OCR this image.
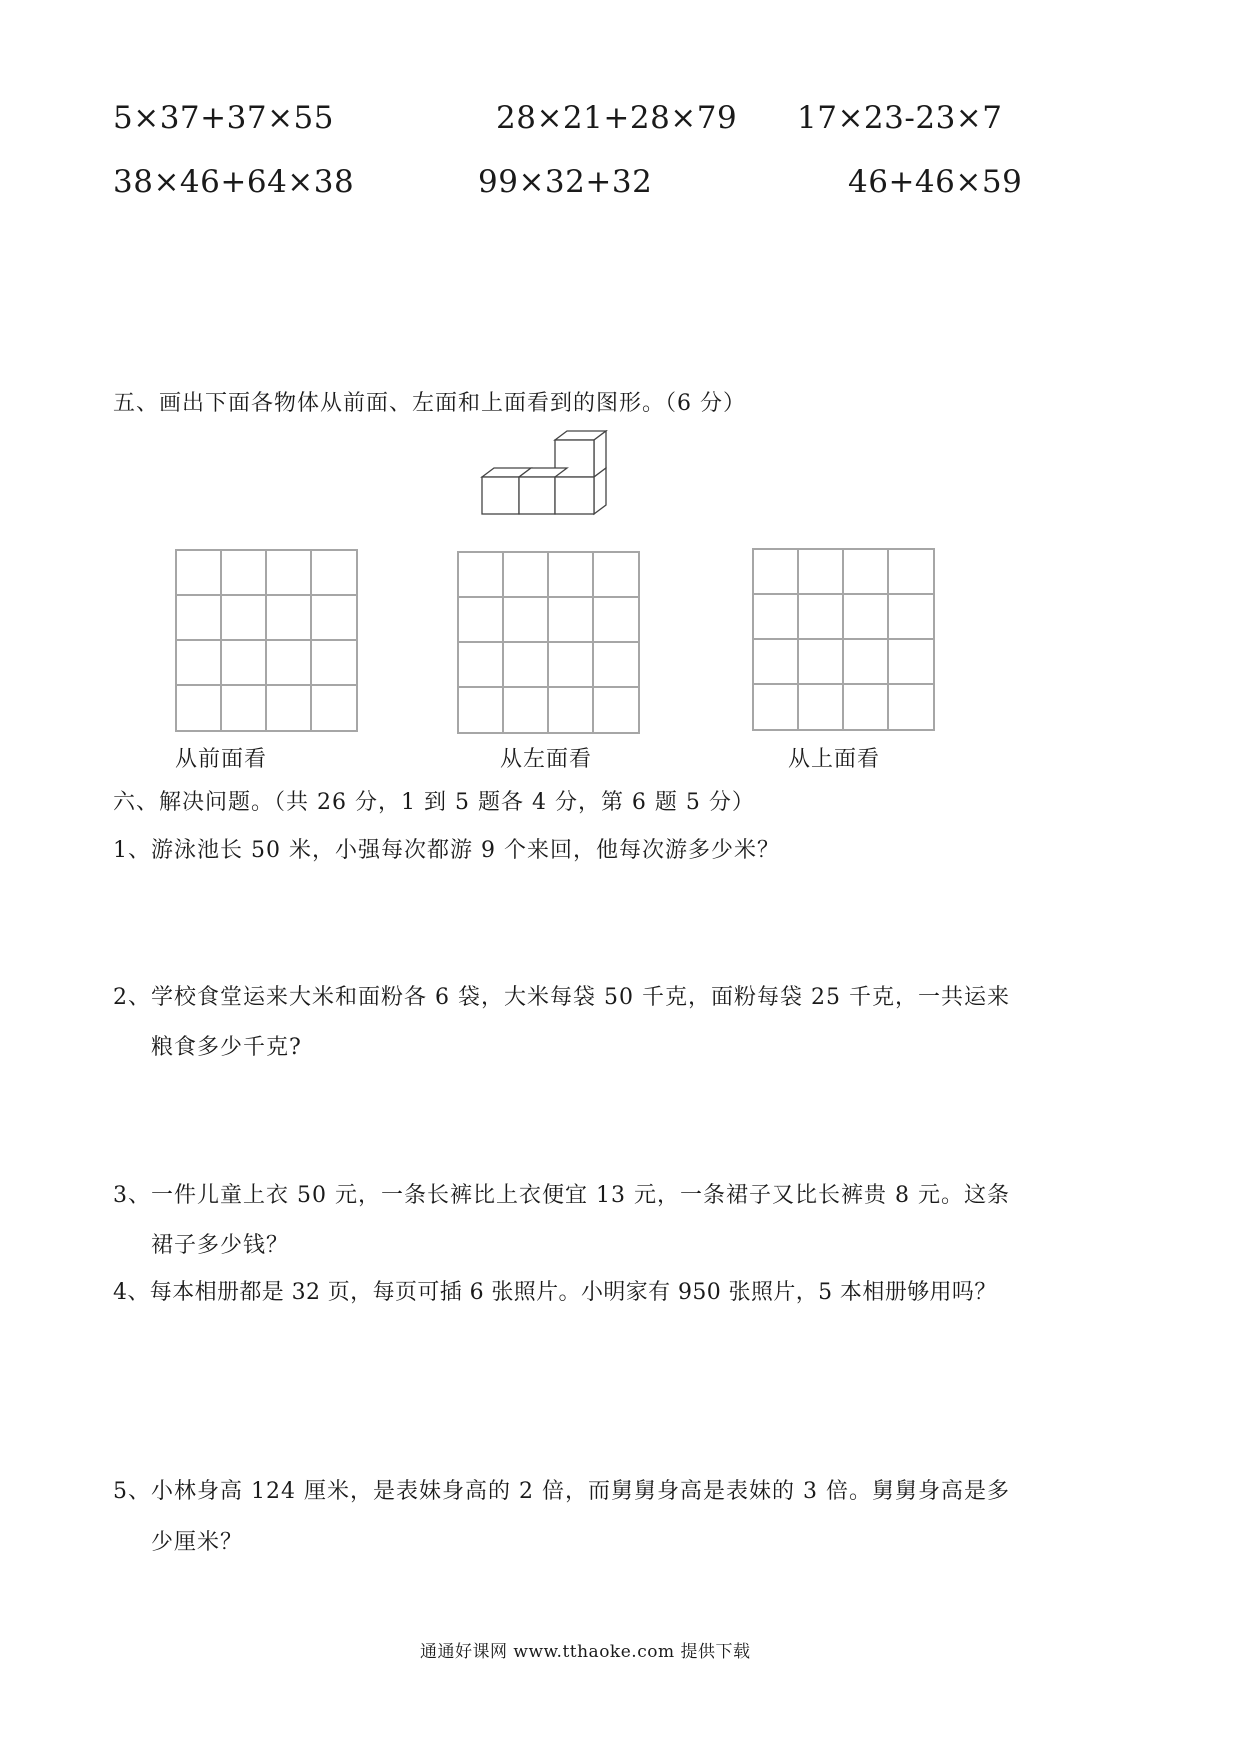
5×37+37×55	28×21+28×79 17×23-23×7
38×46+64×38	99×32+32	46+46×59
五、画出下面各物体从前面、左面和上面看到的图形。（6 分）
从前面看	从左面看	从上面看
六、解决问题。（共 26 分，1 到 5 题各 4 分，第 6 题 5 分）
1、游泳池长 50 米，小强每次都游 9 个来回，他每次游多少米？
2、学校食堂运来大米和面粉各 6 袋，大米每袋 50 千克，面粉每袋 25 千克，一共运来
粮食多少千克?
3、一件儿童上衣 50 元，一条长裤比上衣便宜 13 元，一条裙子又比长裤贵 8 元。这条
裙子多少钱？
4、每本相册都是 32 页，每页可插 6 张照片。小明家有 950 张照片，5 本相册够用吗？
5、小林身高 124 厘米，是表妹身高的 2 倍，而舅舅身高是表妹的 3 倍。舅舅身高是多
少厘米？
通通好课网 www.tthaoke.com 提供下载
